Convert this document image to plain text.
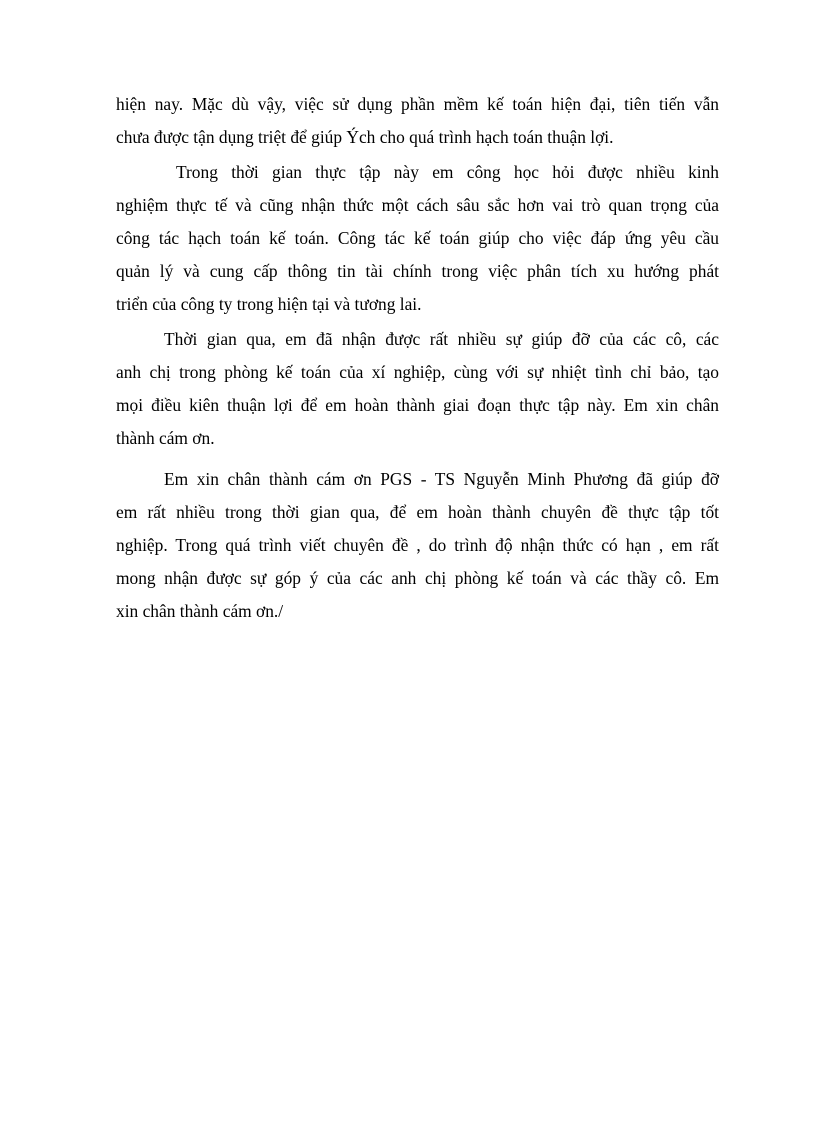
hiện nay. Mặc dù vậy, việc sử dụng phần mềm kế toán hiện đại, tiên tiến vẫn
chưa được tận dụng triệt để giúp Ých cho quá trình hạch toán thuận lợi.
Trong thời gian thực tập này em công học hỏi được nhiều kinh
nghiệm thực tế và cũng nhận thức một cách sâu sắc hơn vai trò quan trọng của
công tác hạch toán kế toán. Công tác kế toán giúp cho việc đáp ứng yêu cầu
quản lý và cung cấp thông tin tài chính trong việc phân tích xu hướng phát
triển của công ty trong hiện tại và tương lai.
Thời gian qua, em đã nhận được rất nhiều sự giúp đỡ của các cô, các
anh chị trong phòng kế toán của xí nghiệp, cùng với sự nhiệt tình chỉ bảo, tạo
mọi điều kiên thuận lợi để em hoàn thành giai đoạn thực tập này. Em xin chân
thành cám ơn.
Em xin chân thành cám ơn PGS - TS Nguyễn Minh Phương đã giúp đỡ
em rất nhiều trong thời gian qua, để em hoàn thành chuyên đề thực tập tốt
nghiệp. Trong quá trình viết chuyên đề , do trình độ nhận thức có hạn , em rất
mong nhận được sự góp ý của các anh chị phòng kế toán và các thầy cô. Em
xin chân thành cám ơn./
